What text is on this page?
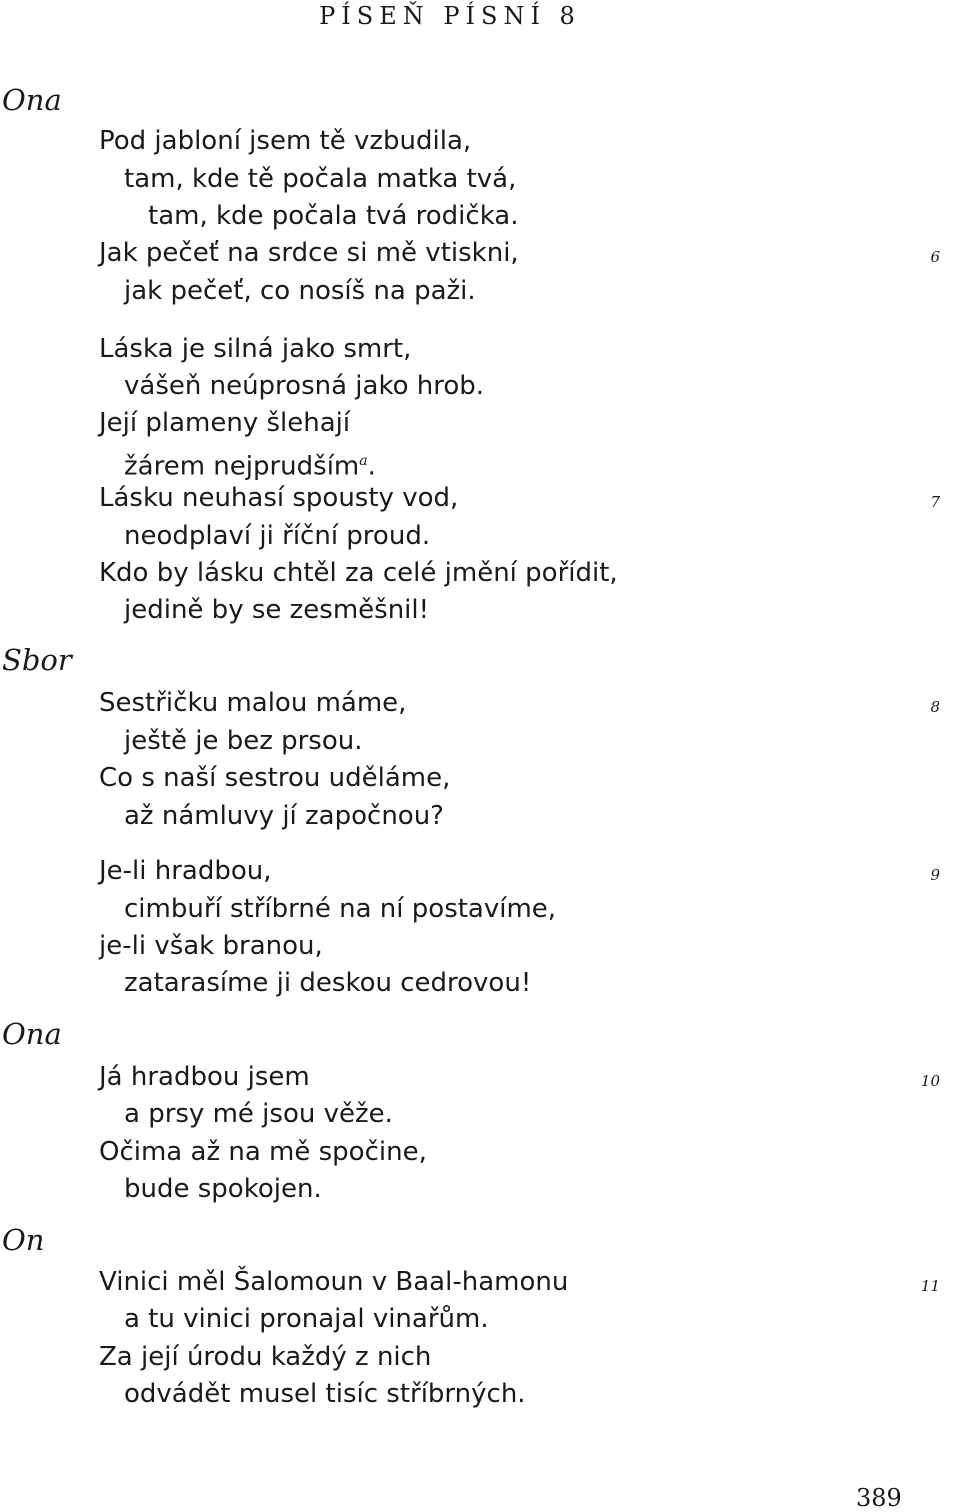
PÍSEŇ PÍSNÍ 8
Ona
Sbor
Ona
On
Pod jabloní jsem tě vzbudila,
tam, kde tě počala matka tvá,
tam, kde počala tvá rodička.
Jak pečeť na srdce si mě vtiskni,
jak pečeť, co nosíš na paži.
Láska je silná jako smrt,
vášeň neúprosná jako hrob.
Její plameny šlehají
žárem nejprudším$^a$.
Lásku neuhasí spousty vod,
neodplaví ji říční proud.
Kdo by lásku chtěl za celé jmění pořídit,
jedině by se zesměšnil!
Sestřičku malou máme,
ještě je bez prsou.
Co s naší sestrou uděláme,
až námluvy jí započnou?
Je-li hradbou,
cimbuří stříbrné na ní postavíme,
je-li však branou,
zatarasíme ji deskou cedrovou!
Já hradbou jsem
a prsy mé jsou věže.
Očima až na mě spočine,
bude spokojen.
Vinici měl Šalomoun v Baal-hamonu
a tu vinici pronajal vinařům.
Za její úrodu každý z nich
odvádět musel tisíc stříbrných.
6
7
8
9
10
11
389
